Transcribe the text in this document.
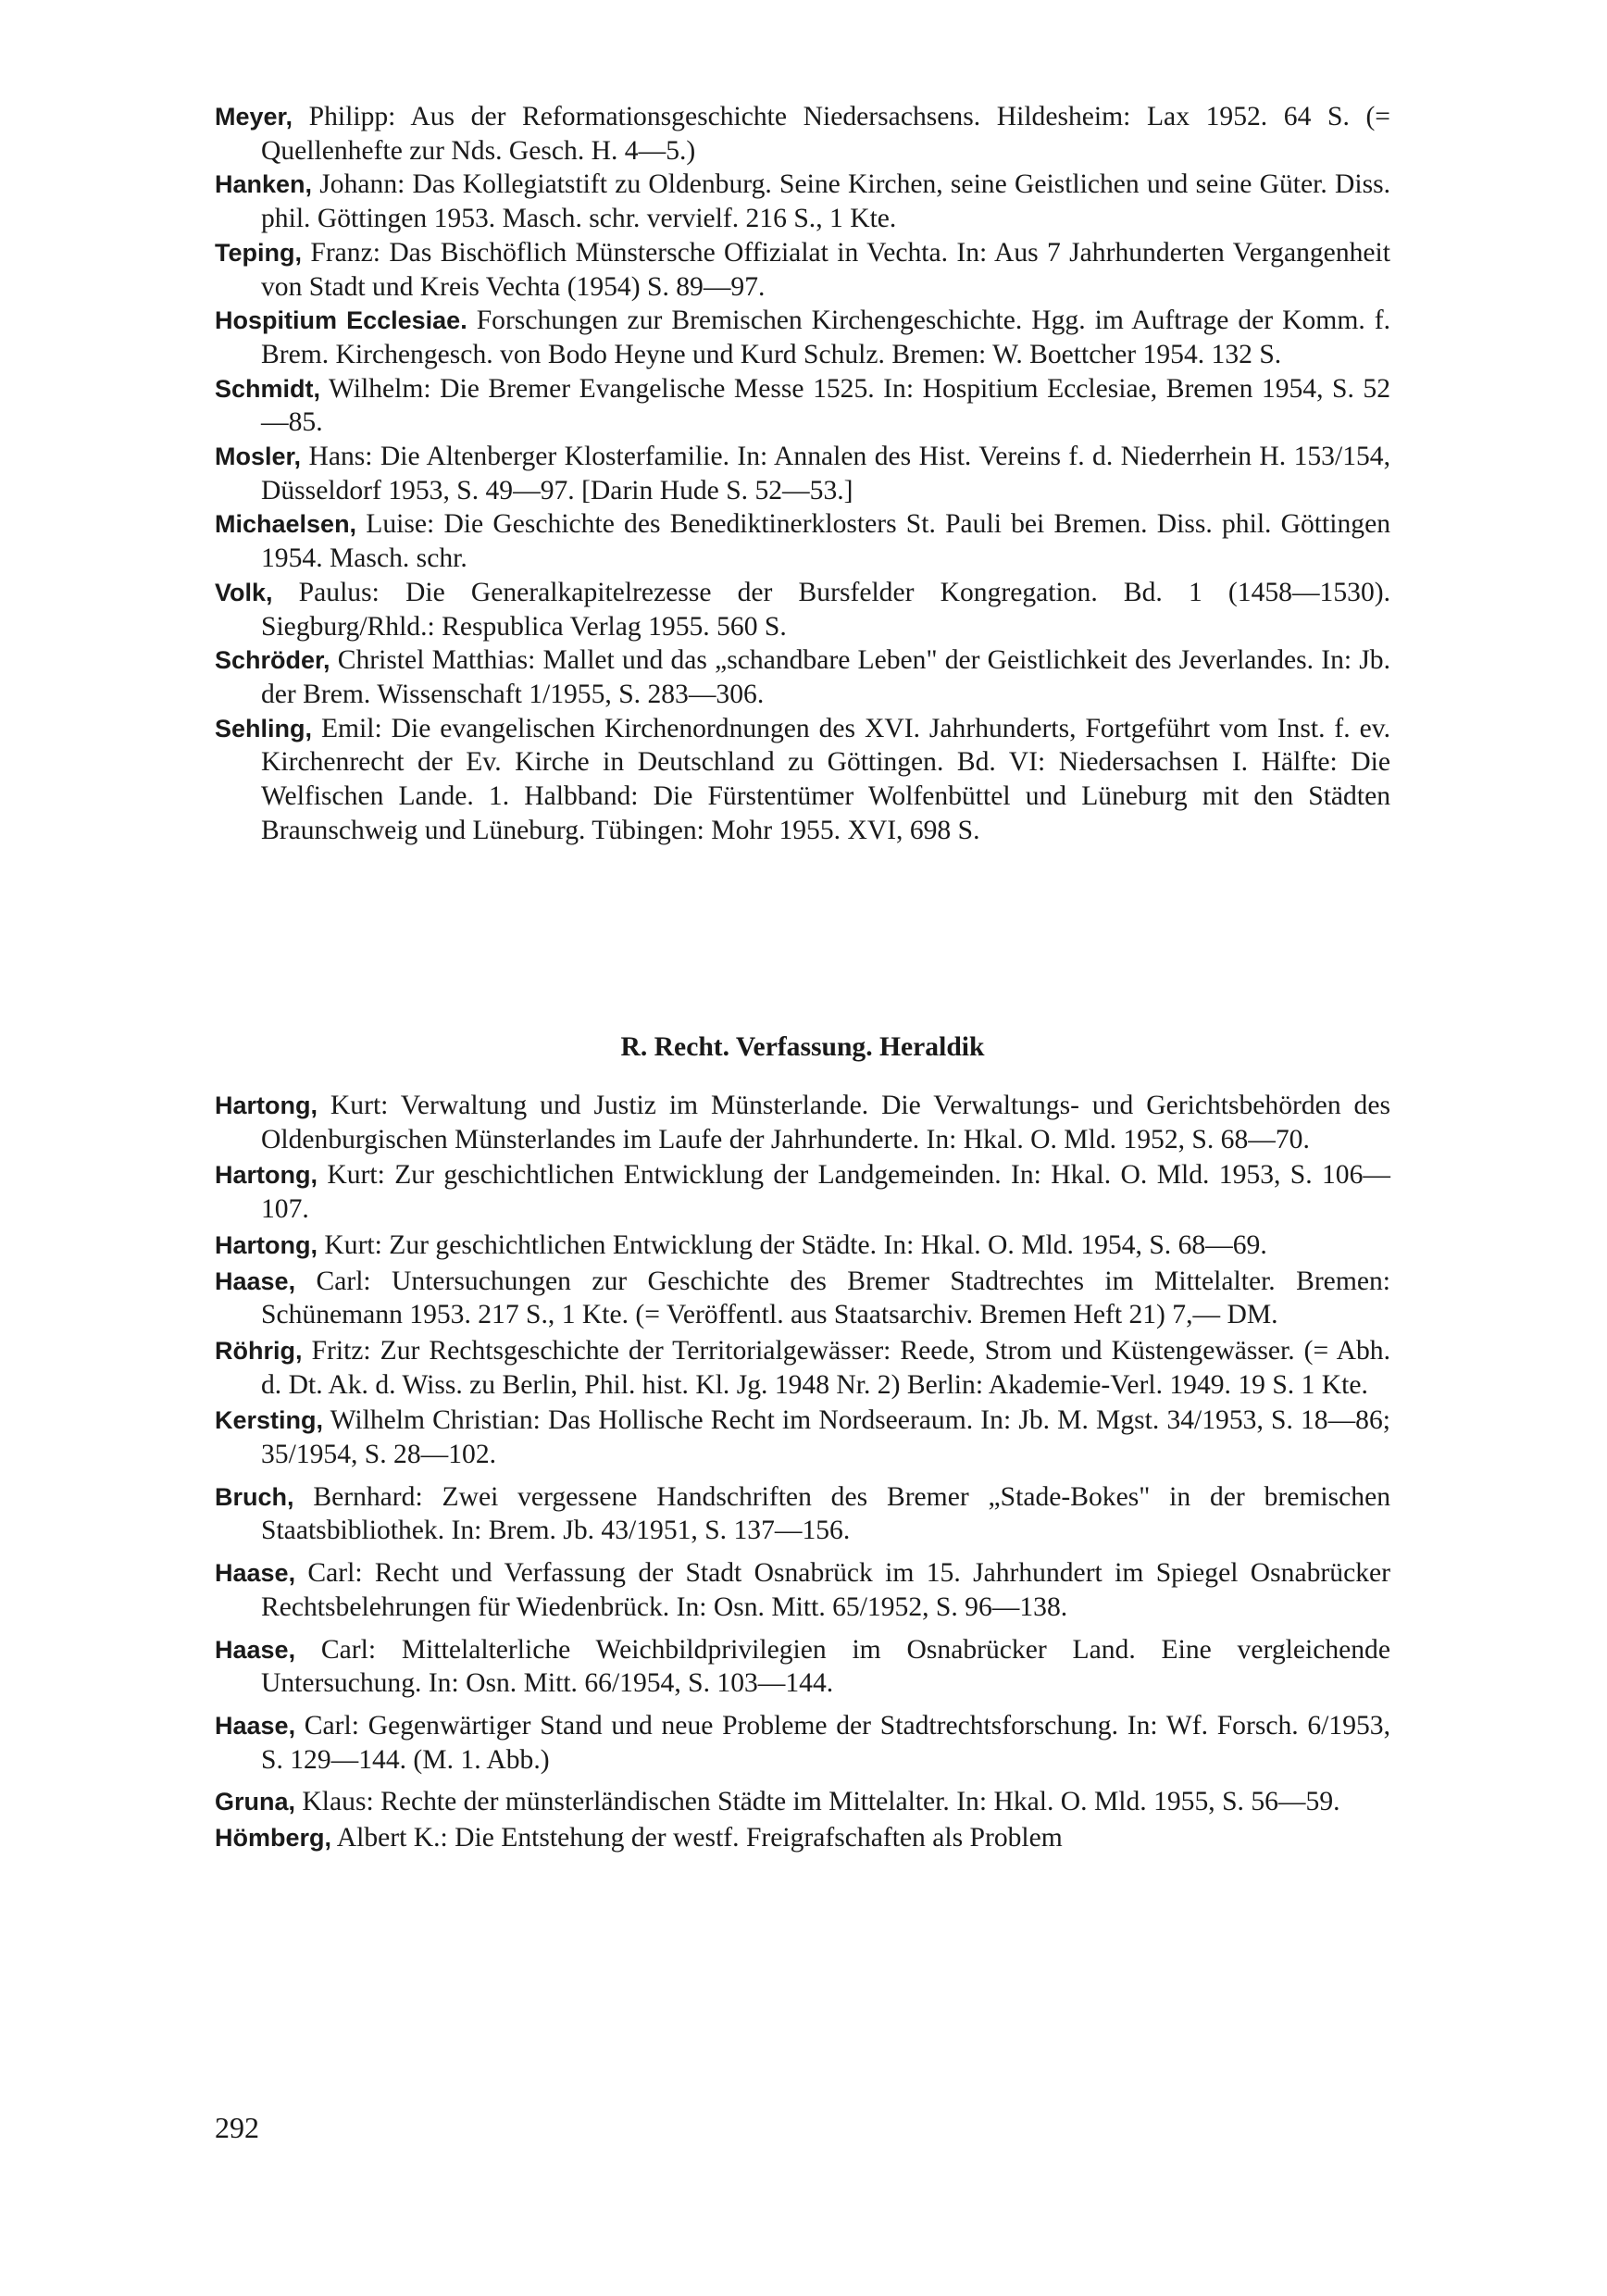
Meyer, Philipp: Aus der Reformationsgeschichte Niedersachsens. Hildesheim: Lax 1952. 64 S. (= Quellenhefte zur Nds. Gesch. H. 4—5.)

Hanken, Johann: Das Kollegiatstift zu Oldenburg. Seine Kirchen, seine Geistlichen und seine Güter. Diss. phil. Göttingen 1953. Masch. schr. vervielf. 216 S., 1 Kte.

Teping, Franz: Das Bischöflich Münstersche Offizialat in Vechta. In: Aus 7 Jahrhunderten Vergangenheit von Stadt und Kreis Vechta (1954) S. 89—97.

Hospitium Ecclesiae. Forschungen zur Bremischen Kirchengeschichte. Hgg. im Auftrage der Komm. f. Brem. Kirchengesch. von Bodo Heyne und Kurd Schulz. Bremen: W. Boettcher 1954. 132 S.

Schmidt, Wilhelm: Die Bremer Evangelische Messe 1525. In: Hospitium Ecclesiae, Bremen 1954, S. 52—85.

Mosler, Hans: Die Altenberger Klosterfamilie. In: Annalen des Hist. Vereins f. d. Niederrhein H. 153/154, Düsseldorf 1953, S. 49—97. [Darin Hude S. 52—53.]

Michaelsen, Luise: Die Geschichte des Benediktinerklosters St. Pauli bei Bremen. Diss. phil. Göttingen 1954. Masch. schr.

Volk, Paulus: Die Generalkapitelrezesse der Bursfelder Kongregation. Bd. 1 (1458—1530). Siegburg/Rhld.: Respublica Verlag 1955. 560 S.

Schröder, Christel Matthias: Mallet und das „schandbare Leben" der Geistlichkeit des Jeverlandes. In: Jb. der Brem. Wissenschaft 1/1955, S. 283—306.

Sehling, Emil: Die evangelischen Kirchenordnungen des XVI. Jahrhunderts, Fortgeführt vom Inst. f. ev. Kirchenrecht der Ev. Kirche in Deutschland zu Göttingen. Bd. VI: Niedersachsen I. Hälfte: Die Welfischen Lande. 1. Halbband: Die Fürstentümer Wolfenbüttel und Lüneburg mit den Städten Braunschweig und Lüneburg. Tübingen: Mohr 1955. XVI, 698 S.

R. Recht. Verfassung. Heraldik

Hartong, Kurt: Verwaltung und Justiz im Münsterlande. Die Verwaltungs- und Gerichtsbehörden des Oldenburgischen Münsterlandes im Laufe der Jahrhunderte. In: Hkal. O. Mld. 1952, S. 68—70.

Hartong, Kurt: Zur geschichtlichen Entwicklung der Landgemeinden. In: Hkal. O. Mld. 1953, S. 106—107.

Hartong, Kurt: Zur geschichtlichen Entwicklung der Städte. In: Hkal. O. Mld. 1954, S. 68—69.

Haase, Carl: Untersuchungen zur Geschichte des Bremer Stadtrechtes im Mittelalter. Bremen: Schünemann 1953. 217 S., 1 Kte. (= Veröffentl. aus Staatsarchiv. Bremen Heft 21) 7,— DM.

Röhrig, Fritz: Zur Rechtsgeschichte der Territorialgewässer: Reede, Strom und Küstengewässer. (= Abh. d. Dt. Ak. d. Wiss. zu Berlin, Phil. hist. Kl. Jg. 1948 Nr. 2) Berlin: Akademie-Verl. 1949. 19 S. 1 Kte.

Kersting, Wilhelm Christian: Das Hollische Recht im Nordseeraum. In: Jb. M. Mgst. 34/1953, S. 18—86; 35/1954, S. 28—102.

Bruch, Bernhard: Zwei vergessene Handschriften des Bremer „Stade-Bokes" in der bremischen Staatsbibliothek. In: Brem. Jb. 43/1951, S. 137—156.

Haase, Carl: Recht und Verfassung der Stadt Osnabrück im 15. Jahrhundert im Spiegel Osnabrücker Rechtsbelehrungen für Wiedenbrück. In: Osn. Mitt. 65/1952, S. 96—138.

Haase, Carl: Mittelalterliche Weichbildprivilegien im Osnabrücker Land. Eine vergleichende Untersuchung. In: Osn. Mitt. 66/1954, S. 103—144.

Haase, Carl: Gegenwärtiger Stand und neue Probleme der Stadtrechtsforschung. In: Wf. Forsch. 6/1953, S. 129—144. (M. 1. Abb.)

Gruna, Klaus: Rechte der münsterländischen Städte im Mittelalter. In: Hkal. O. Mld. 1955, S. 56—59.

Hömberg, Albert K.: Die Entstehung der westf. Freigrafschaften als Problem

292
